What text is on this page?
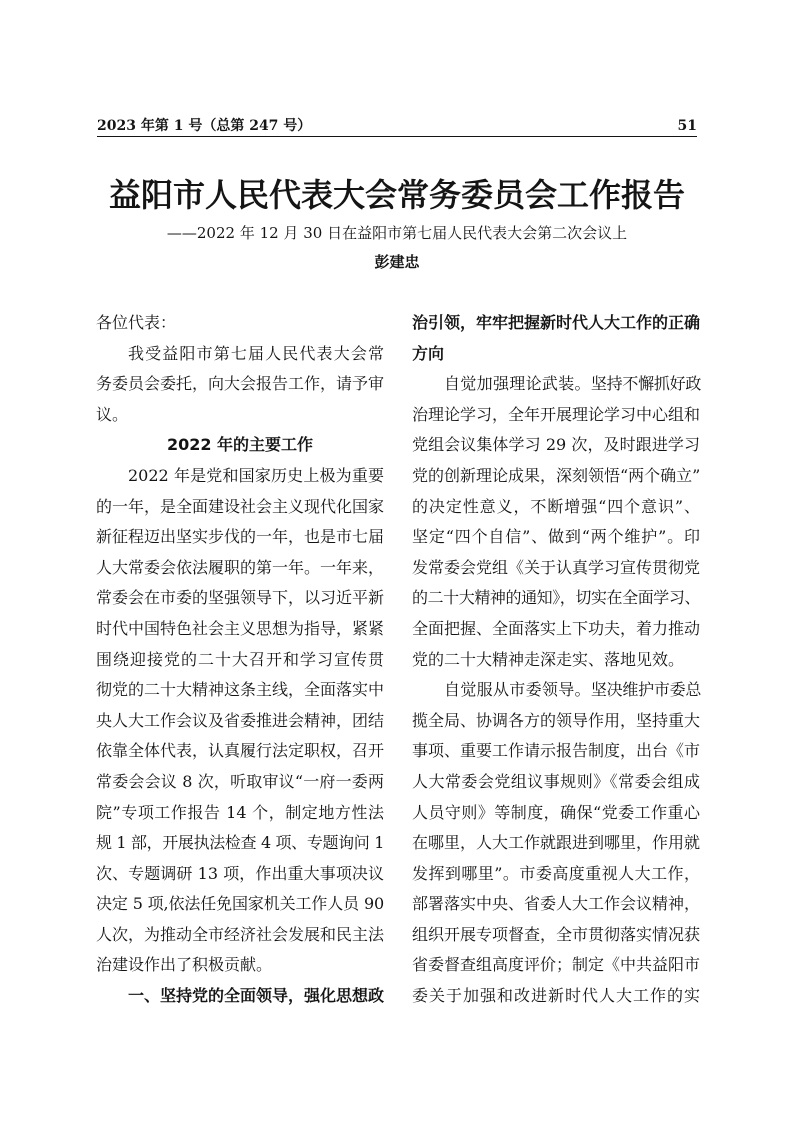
2023 年第 1 号（总第 247 号）	51
益阳市人民代表大会常务委员会工作报告
——2022 年 12 月 30 日在益阳市第七届人民代表大会第二次会议上
彭建忠
各位代表：
我受益阳市第七届人民代表大会常
务委员会委托，向大会报告工作，请予审
议。
2022 年的主要工作
2022 年是党和国家历史上极为重要
的一年，是全面建设社会主义现代化国家
新征程迈出坚实步伐的一年，也是市七届
人大常委会依法履职的第一年。一年来，
常委会在市委的坚强领导下，以习近平新
时代中国特色社会主义思想为指导，紧紧
围绕迎接党的二十大召开和学习宣传贯
彻党的二十大精神这条主线，全面落实中
央人大工作会议及省委推进会精神，团结
依靠全体代表，认真履行法定职权，召开
常委会会议 8 次，听取审议“一府一委两
院”专项工作报告 14 个，制定地方性法
规 1 部，开展执法检查 4 项、专题询问 1
次、专题调研 13 项，作出重大事项决议
决定 5 项,依法任免国家机关工作人员 90
人次，为推动全市经济社会发展和民主法
治建设作出了积极贡献。
一、坚持党的全面领导，强化思想政
治引领，牢牢把握新时代人大工作的正确
方向
自觉加强理论武装。坚持不懈抓好政
治理论学习，全年开展理论学习中心组和
党组会议集体学习 29 次，及时跟进学习
党的创新理论成果，深刻领悟“两个确立”
的决定性意义，不断增强“四个意识”、
坚定“四个自信”、做到“两个维护”。印
发常委会党组《关于认真学习宣传贯彻党
的二十大精神的通知》，切实在全面学习、
全面把握、全面落实上下功夫，着力推动
党的二十大精神走深走实、落地见效。
自觉服从市委领导。坚决维护市委总
揽全局、协调各方的领导作用，坚持重大
事项、重要工作请示报告制度，出台《市
人大常委会党组议事规则》《常委会组成
人员守则》等制度，确保“党委工作重心
在哪里，人大工作就跟进到哪里，作用就
发挥到哪里”。市委高度重视人大工作，
部署落实中央、省委人大工作会议精神，
组织开展专项督查，全市贯彻落实情况获
省委督查组高度评价；制定《中共益阳市
委关于加强和改进新时代人大工作的实
